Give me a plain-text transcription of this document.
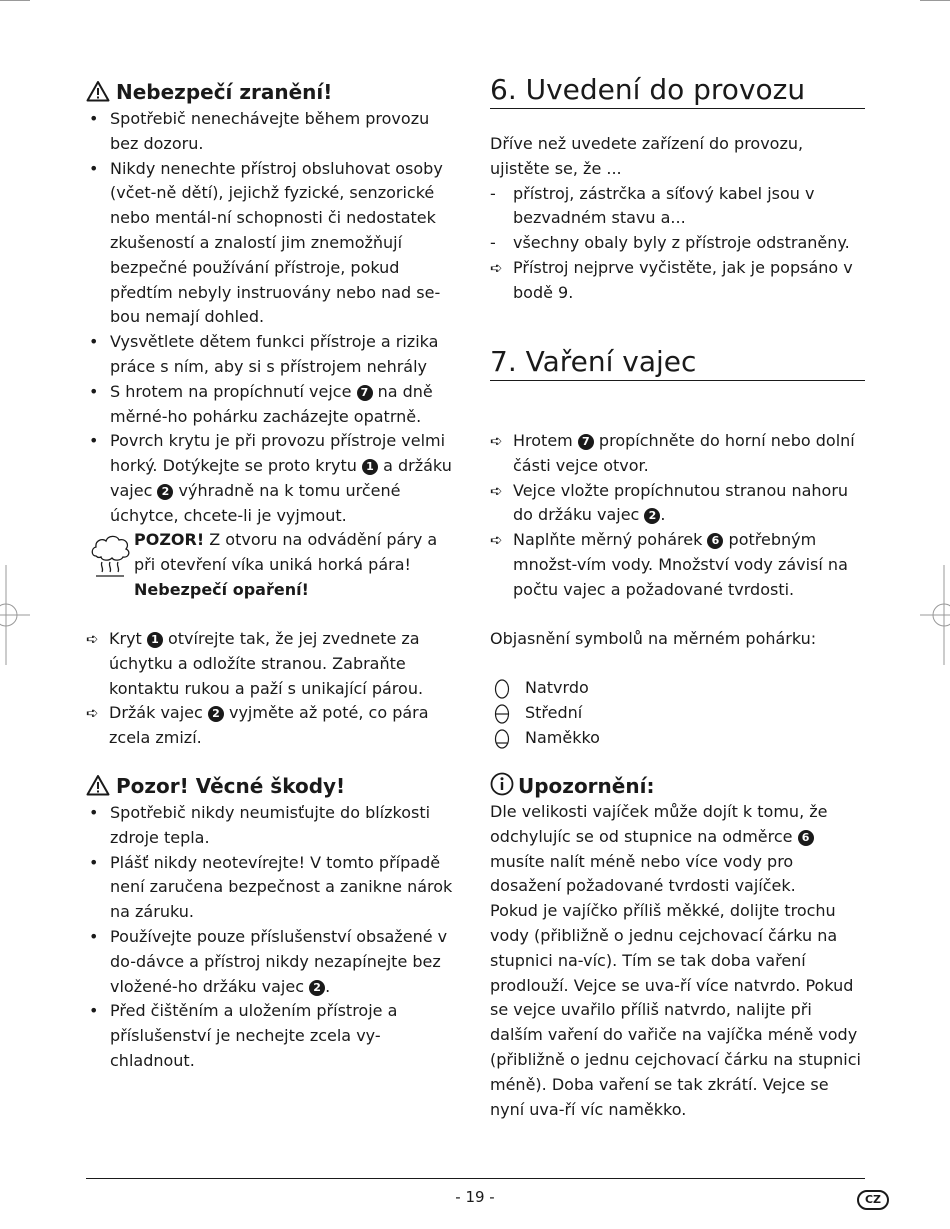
Nebezpečí zranění!
• Spotřebič nenechávejte během provozu bez dozoru.
• Nikdy nenechte přístroj obsluhovat osoby (včet-ně dětí), jejichž fyzické, senzorické nebo mentál-ní schopnosti či nedostatek zkušeností a znalostí jim znemožňují bezpečné používání přístroje, pokud předtím nebyly instruovány nebo nad se-bou nemají dohled.
• Vysvětlete dětem funkci přístroje a rizika práce s ním, aby si s přístrojem nehrály
• S hrotem na propíchnutí vejce 7 na dně měrné-ho pohárku zacházejte opatrně.
• Povrch krytu je při provozu přístroje velmi horký. Dotýkejte se proto krytu 1 a držáku vajec 2 výhradně na k tomu určené úchytce, chcete-li je vyjmout.
POZOR! Z otvoru na odvádění páry a při otevření víka uniká horká pára!
Nebezpečí opaření!
➪ Kryt 1 otvírejte tak, že jej zvednete za úchytku a odložíte stranou. Zabraňte kontaktu rukou a paží s unikající párou.
➪ Držák vajec 2 vyjměte až poté, co pára zcela zmizí.
Pozor! Věcné škody!
• Spotřebič nikdy neumisťujte do blízkosti zdroje tepla.
• Plášť nikdy neotevírejte! V tomto případě není zaručena bezpečnost a zanikne nárok na záruku.
• Používejte pouze příslušenství obsažené v do-dávce a přístroj nikdy nezapínejte bez vložené-ho držáku vajec 2 .
• Před čištěním a uložením přístroje a příslušenství je nechejte zcela vy- chladnout.
6. Uvedení do provozu
Dříve než uvedete zařízení do provozu, ujistěte se, že ...
- přístroj, zástrčka a síťový kabel jsou v bezvadném stavu a...
- všechny obaly byly z přístroje odstraněny.
➪ Přístroj nejprve vyčistěte, jak je popsáno v bodě 9.
7. Vaření vajec
➪ Hrotem 7 propíchněte do horní nebo dolní části vejce otvor.
➪ Vejce vložte propíchnutou stranou nahoru do držáku vajec 2 .
➪ Naplňte měrný pohárek 6 potřebným množst-vím vody. Množství vody závisí na počtu vajec a požadované tvrdosti.
Objasnění symbolů na měrném pohárku:
Natvrdo
Střední
Naměkko
Upozornění:
Dle velikosti vajíček může dojít k tomu, že odchylujíc se od stupnice na odměrce 6 musíte nalít méně nebo více vody pro dosažení požadované tvrdosti vajíček.
Pokud je vajíčko příliš měkké, dolijte trochu vody (přibližně o jednu cejchovací čárku na stupnici na-víc). Tím se tak doba vaření prodlouží. Vejce se uva-ří více natvrdo. Pokud se vejce uvařilo příliš natvrdo, nalijte při dalším vaření do vařiče na vajíčka méně vody (přibližně o jednu cejchovací čárku na stupnici méně). Doba vaření se tak zkrátí. Vejce se nyní uva-ří víc naměkko.
- 19 -	CZ
